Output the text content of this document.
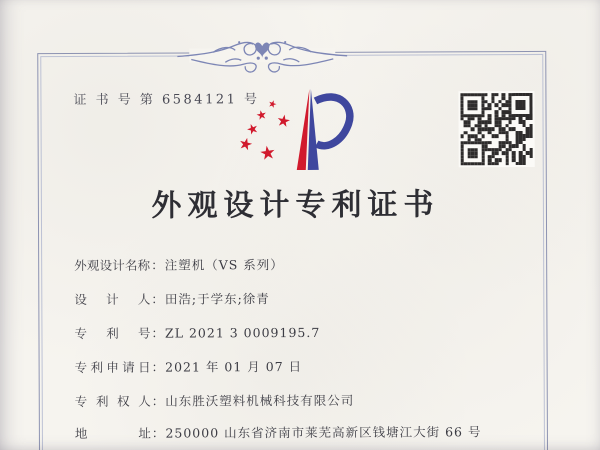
证 书 号 第 6584121 号
外观设计专利证书
外观设计名称 ： 注塑机（VS 系列）
设计人 ： 田浩;于学东;徐青
专利号 ： ZL 2021 3 0009195.7
专利申请日 ： 2021 年 01 月 07 日
专利权人 ： 山东胜沃塑料机械科技有限公司
地址 ： 250000 山东省济南市莱芜高新区钱塘江大街 66 号
